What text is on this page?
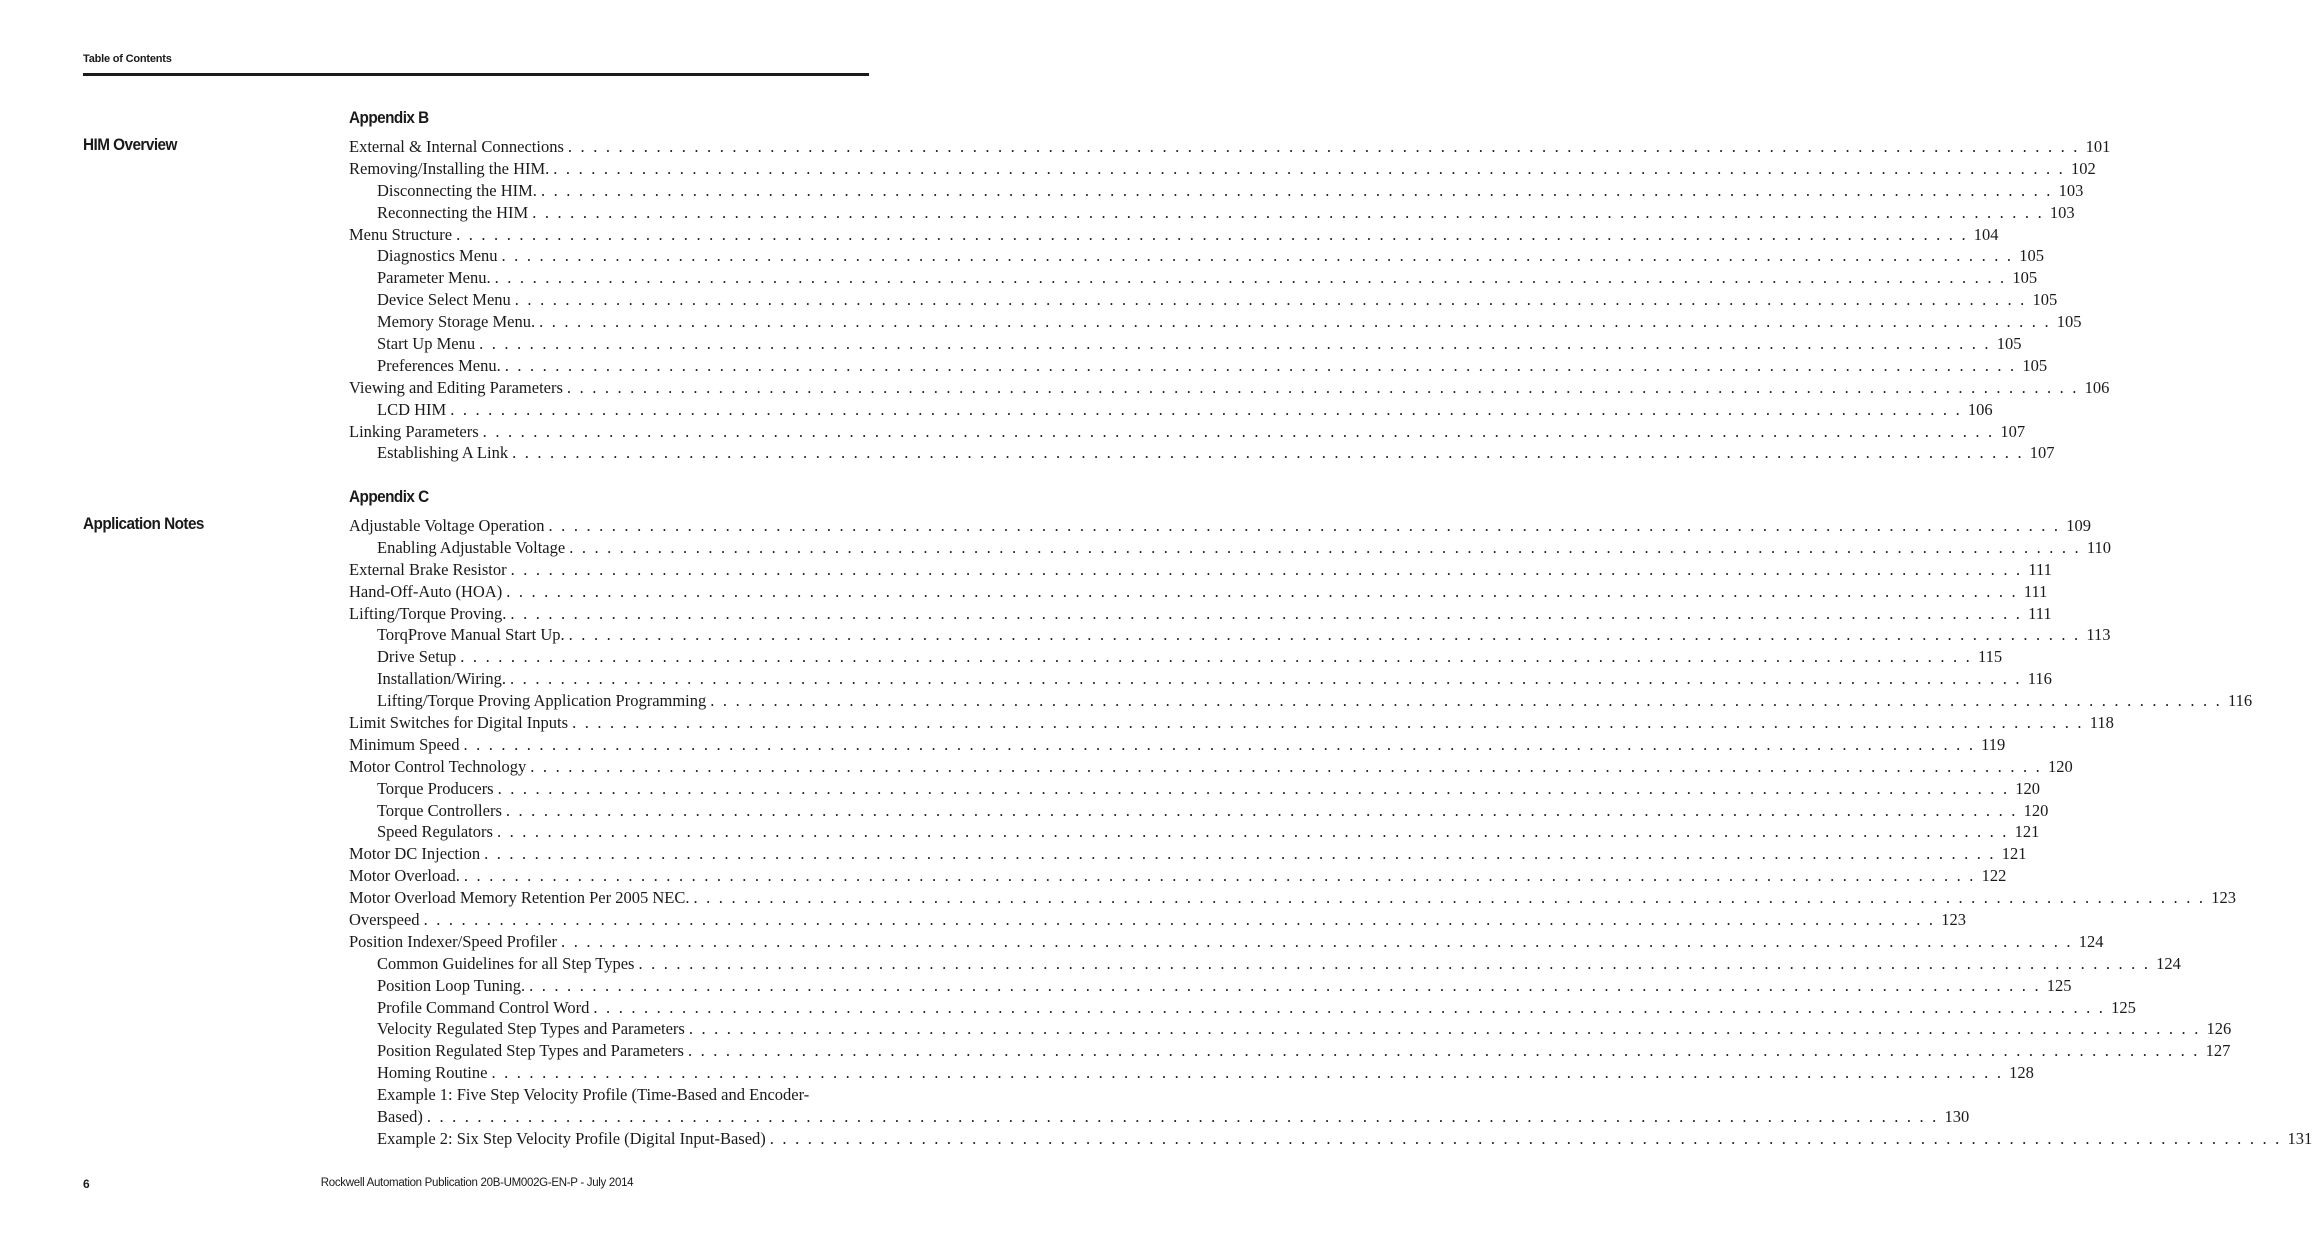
Table of Contents
Appendix B
HIM Overview	External & Internal Connections . . . . . . . . . . . . . . . . . . . . . . . . . . . . . . . . . . . . . . . . . . . . . . . . . . . . . . . . . . . . . . . . . . . . . . . . . . . . . . . . . . . . . . . . . . . . . . . . . . . . . . . . . . . . . . . . . . . . . . . . 101
Removing/Installing the HIM. . . . . . . . . . . . . . . . . . . . . . . . . . . . . . . . . . . . . . . . . . . . . . . . . . . . . . . . . . . . . . . . . . . . . . . . . . . . . . . . . . . . . . . . . . . . . . . . . . . . . . . . . . . . . . . . . . . . . . . . . 102
Disconnecting the HIM. . . . . . . . . . . . . . . . . . . . . . . . . . . . . . . . . . . . . . . . . . . . . . . . . . . . . . . . . . . . . . . . . . . . . . . . . . . . . . . . . . . . . . . . . . . . . . . . . . . . . . . . . . . . . . . . . . . . . . . . . 103
Reconnecting the HIM . . . . . . . . . . . . . . . . . . . . . . . . . . . . . . . . . . . . . . . . . . . . . . . . . . . . . . . . . . . . . . . . . . . . . . . . . . . . . . . . . . . . . . . . . . . . . . . . . . . . . . . . . . . . . . . . . . . . . . . . 103
Menu Structure . . . . . . . . . . . . . . . . . . . . . . . . . . . . . . . . . . . . . . . . . . . . . . . . . . . . . . . . . . . . . . . . . . . . . . . . . . . . . . . . . . . . . . . . . . . . . . . . . . . . . . . . . . . . . . . . . . . . . . . . 104
Diagnostics Menu . . . . . . . . . . . . . . . . . . . . . . . . . . . . . . . . . . . . . . . . . . . . . . . . . . . . . . . . . . . . . . . . . . . . . . . . . . . . . . . . . . . . . . . . . . . . . . . . . . . . . . . . . . . . . . . . . . . . . . . . 105
Parameter Menu. . . . . . . . . . . . . . . . . . . . . . . . . . . . . . . . . . . . . . . . . . . . . . . . . . . . . . . . . . . . . . . . . . . . . . . . . . . . . . . . . . . . . . . . . . . . . . . . . . . . . . . . . . . . . . . . . . . . . . . . . 105
Device Select Menu . . . . . . . . . . . . . . . . . . . . . . . . . . . . . . . . . . . . . . . . . . . . . . . . . . . . . . . . . . . . . . . . . . . . . . . . . . . . . . . . . . . . . . . . . . . . . . . . . . . . . . . . . . . . . . . . . . . . . . . . 105
Memory Storage Menu. . . . . . . . . . . . . . . . . . . . . . . . . . . . . . . . . . . . . . . . . . . . . . . . . . . . . . . . . . . . . . . . . . . . . . . . . . . . . . . . . . . . . . . . . . . . . . . . . . . . . . . . . . . . . . . . . . . . . . . . . 105
Start Up Menu . . . . . . . . . . . . . . . . . . . . . . . . . . . . . . . . . . . . . . . . . . . . . . . . . . . . . . . . . . . . . . . . . . . . . . . . . . . . . . . . . . . . . . . . . . . . . . . . . . . . . . . . . . . . . . . . . . . . . . . . 105
Preferences Menu. . . . . . . . . . . . . . . . . . . . . . . . . . . . . . . . . . . . . . . . . . . . . . . . . . . . . . . . . . . . . . . . . . . . . . . . . . . . . . . . . . . . . . . . . . . . . . . . . . . . . . . . . . . . . . . . . . . . . . . . . 105
Viewing and Editing Parameters . . . . . . . . . . . . . . . . . . . . . . . . . . . . . . . . . . . . . . . . . . . . . . . . . . . . . . . . . . . . . . . . . . . . . . . . . . . . . . . . . . . . . . . . . . . . . . . . . . . . . . . . . . . . . . . . . . . . . . . . 106
LCD HIM . . . . . . . . . . . . . . . . . . . . . . . . . . . . . . . . . . . . . . . . . . . . . . . . . . . . . . . . . . . . . . . . . . . . . . . . . . . . . . . . . . . . . . . . . . . . . . . . . . . . . . . . . . . . . . . . . . . . . . . . 106
Linking Parameters . . . . . . . . . . . . . . . . . . . . . . . . . . . . . . . . . . . . . . . . . . . . . . . . . . . . . . . . . . . . . . . . . . . . . . . . . . . . . . . . . . . . . . . . . . . . . . . . . . . . . . . . . . . . . . . . . . . . . . . . 107
Establishing A Link . . . . . . . . . . . . . . . . . . . . . . . . . . . . . . . . . . . . . . . . . . . . . . . . . . . . . . . . . . . . . . . . . . . . . . . . . . . . . . . . . . . . . . . . . . . . . . . . . . . . . . . . . . . . . . . . . . . . . . . . 107
Appendix C
Application Notes	Adjustable Voltage Operation . . . . . . . . . . . . . . . . . . . . . . . . . . . . . . . . . . . . . . . . . . . . . . . . . . . . . . . . . . . . . . . . . . . . . . . . . . . . . . . . . . . . . . . . . . . . . . . . . . . . . . . . . . . . . . . . . . . . . . . . 109
Enabling Adjustable Voltage . . . . . . . . . . . . . . . . . . . . . . . . . . . . . . . . . . . . . . . . . . . . . . . . . . . . . . . . . . . . . . . . . . . . . . . . . . . . . . . . . . . . . . . . . . . . . . . . . . . . . . . . . . . . . . . . . . . . . . . . 110
External Brake Resistor . . . . . . . . . . . . . . . . . . . . . . . . . . . . . . . . . . . . . . . . . . . . . . . . . . . . . . . . . . . . . . . . . . . . . . . . . . . . . . . . . . . . . . . . . . . . . . . . . . . . . . . . . . . . . . . . . . . . . . . . 111
Hand-Off-Auto (HOA) . . . . . . . . . . . . . . . . . . . . . . . . . . . . . . . . . . . . . . . . . . . . . . . . . . . . . . . . . . . . . . . . . . . . . . . . . . . . . . . . . . . . . . . . . . . . . . . . . . . . . . . . . . . . . . . . . . . . . . . . 111
Lifting/Torque Proving. . . . . . . . . . . . . . . . . . . . . . . . . . . . . . . . . . . . . . . . . . . . . . . . . . . . . . . . . . . . . . . . . . . . . . . . . . . . . . . . . . . . . . . . . . . . . . . . . . . . . . . . . . . . . . . . . . . . . . . . . 111
TorqProve Manual Start Up. . . . . . . . . . . . . . . . . . . . . . . . . . . . . . . . . . . . . . . . . . . . . . . . . . . . . . . . . . . . . . . . . . . . . . . . . . . . . . . . . . . . . . . . . . . . . . . . . . . . . . . . . . . . . . . . . . . . . . . . . 113
Drive Setup . . . . . . . . . . . . . . . . . . . . . . . . . . . . . . . . . . . . . . . . . . . . . . . . . . . . . . . . . . . . . . . . . . . . . . . . . . . . . . . . . . . . . . . . . . . . . . . . . . . . . . . . . . . . . . . . . . . . . . . . 115
Installation/Wiring. . . . . . . . . . . . . . . . . . . . . . . . . . . . . . . . . . . . . . . . . . . . . . . . . . . . . . . . . . . . . . . . . . . . . . . . . . . . . . . . . . . . . . . . . . . . . . . . . . . . . . . . . . . . . . . . . . . . . . . . . 116
Lifting/Torque Proving Application Programming . . . . . . . . . . . . . . . . . . . . . . . . . . . . . . . . . . . . . . . . . . . . . . . . . . . . . . . . . . . . . . . . . . . . . . . . . . . . . . . . . . . . . . . . . . . . . . . . . . . . . . . . . . . . . . . . . . . . . . . . 116
Limit Switches for Digital Inputs . . . . . . . . . . . . . . . . . . . . . . . . . . . . . . . . . . . . . . . . . . . . . . . . . . . . . . . . . . . . . . . . . . . . . . . . . . . . . . . . . . . . . . . . . . . . . . . . . . . . . . . . . . . . . . . . . . . . . . . . 118
Minimum Speed . . . . . . . . . . . . . . . . . . . . . . . . . . . . . . . . . . . . . . . . . . . . . . . . . . . . . . . . . . . . . . . . . . . . . . . . . . . . . . . . . . . . . . . . . . . . . . . . . . . . . . . . . . . . . . . . . . . . . . . . 119
Motor Control Technology . . . . . . . . . . . . . . . . . . . . . . . . . . . . . . . . . . . . . . . . . . . . . . . . . . . . . . . . . . . . . . . . . . . . . . . . . . . . . . . . . . . . . . . . . . . . . . . . . . . . . . . . . . . . . . . . . . . . . . . . 120
Torque Producers . . . . . . . . . . . . . . . . . . . . . . . . . . . . . . . . . . . . . . . . . . . . . . . . . . . . . . . . . . . . . . . . . . . . . . . . . . . . . . . . . . . . . . . . . . . . . . . . . . . . . . . . . . . . . . . . . . . . . . . . 120
Torque Controllers . . . . . . . . . . . . . . . . . . . . . . . . . . . . . . . . . . . . . . . . . . . . . . . . . . . . . . . . . . . . . . . . . . . . . . . . . . . . . . . . . . . . . . . . . . . . . . . . . . . . . . . . . . . . . . . . . . . . . . . . 120
Speed Regulators . . . . . . . . . . . . . . . . . . . . . . . . . . . . . . . . . . . . . . . . . . . . . . . . . . . . . . . . . . . . . . . . . . . . . . . . . . . . . . . . . . . . . . . . . . . . . . . . . . . . . . . . . . . . . . . . . . . . . . . . 121
Motor DC Injection . . . . . . . . . . . . . . . . . . . . . . . . . . . . . . . . . . . . . . . . . . . . . . . . . . . . . . . . . . . . . . . . . . . . . . . . . . . . . . . . . . . . . . . . . . . . . . . . . . . . . . . . . . . . . . . . . . . . . . . . 121
Motor Overload. . . . . . . . . . . . . . . . . . . . . . . . . . . . . . . . . . . . . . . . . . . . . . . . . . . . . . . . . . . . . . . . . . . . . . . . . . . . . . . . . . . . . . . . . . . . . . . . . . . . . . . . . . . . . . . . . . . . . . . . . 122
Motor Overload Memory Retention Per 2005 NEC. . . . . . . . . . . . . . . . . . . . . . . . . . . . . . . . . . . . . . . . . . . . . . . . . . . . . . . . . . . . . . . . . . . . . . . . . . . . . . . . . . . . . . . . . . . . . . . . . . . . . . . . . . . . . . . . . . . . . . . . . 123
Overspeed . . . . . . . . . . . . . . . . . . . . . . . . . . . . . . . . . . . . . . . . . . . . . . . . . . . . . . . . . . . . . . . . . . . . . . . . . . . . . . . . . . . . . . . . . . . . . . . . . . . . . . . . . . . . . . . . . . . . . . . . 123
Position Indexer/Speed Profiler . . . . . . . . . . . . . . . . . . . . . . . . . . . . . . . . . . . . . . . . . . . . . . . . . . . . . . . . . . . . . . . . . . . . . . . . . . . . . . . . . . . . . . . . . . . . . . . . . . . . . . . . . . . . . . . . . . . . . . . . 124
Common Guidelines for all Step Types . . . . . . . . . . . . . . . . . . . . . . . . . . . . . . . . . . . . . . . . . . . . . . . . . . . . . . . . . . . . . . . . . . . . . . . . . . . . . . . . . . . . . . . . . . . . . . . . . . . . . . . . . . . . . . . . . . . . . . . . 124
Position Loop Tuning. . . . . . . . . . . . . . . . . . . . . . . . . . . . . . . . . . . . . . . . . . . . . . . . . . . . . . . . . . . . . . . . . . . . . . . . . . . . . . . . . . . . . . . . . . . . . . . . . . . . . . . . . . . . . . . . . . . . . . . . . 125
Profile Command Control Word . . . . . . . . . . . . . . . . . . . . . . . . . . . . . . . . . . . . . . . . . . . . . . . . . . . . . . . . . . . . . . . . . . . . . . . . . . . . . . . . . . . . . . . . . . . . . . . . . . . . . . . . . . . . . . . . . . . . . . . . 125
Velocity Regulated Step Types and Parameters . . . . . . . . . . . . . . . . . . . . . . . . . . . . . . . . . . . . . . . . . . . . . . . . . . . . . . . . . . . . . . . . . . . . . . . . . . . . . . . . . . . . . . . . . . . . . . . . . . . . . . . . . . . . . . . . . . . . . . . . 126
Position Regulated Step Types and Parameters . . . . . . . . . . . . . . . . . . . . . . . . . . . . . . . . . . . . . . . . . . . . . . . . . . . . . . . . . . . . . . . . . . . . . . . . . . . . . . . . . . . . . . . . . . . . . . . . . . . . . . . . . . . . . . . . . . . . . . . . 127
Homing Routine . . . . . . . . . . . . . . . . . . . . . . . . . . . . . . . . . . . . . . . . . . . . . . . . . . . . . . . . . . . . . . . . . . . . . . . . . . . . . . . . . . . . . . . . . . . . . . . . . . . . . . . . . . . . . . . . . . . . . . . . 128
Example 1: Five Step Velocity Profile (Time-Based and Encoder-
Based) . . . . . . . . . . . . . . . . . . . . . . . . . . . . . . . . . . . . . . . . . . . . . . . . . . . . . . . . . . . . . . . . . . . . . . . . . . . . . . . . . . . . . . . . . . . . . . . . . . . . . . . . . . . . . . . . . . . . . . . . 130
Example 2: Six Step Velocity Profile (Digital Input-Based) . . . . . . . . . . . . . . . . . . . . . . . . . . . . . . . . . . . . . . . . . . . . . . . . . . . . . . . . . . . . . . . . . . . . . . . . . . . . . . . . . . . . . . . . . . . . . . . . . . . . . . . . . . . . . . . . . . . . . . . . 131
6	Rockwell Automation Publication 20B-UM002G-EN-P - July 2014
